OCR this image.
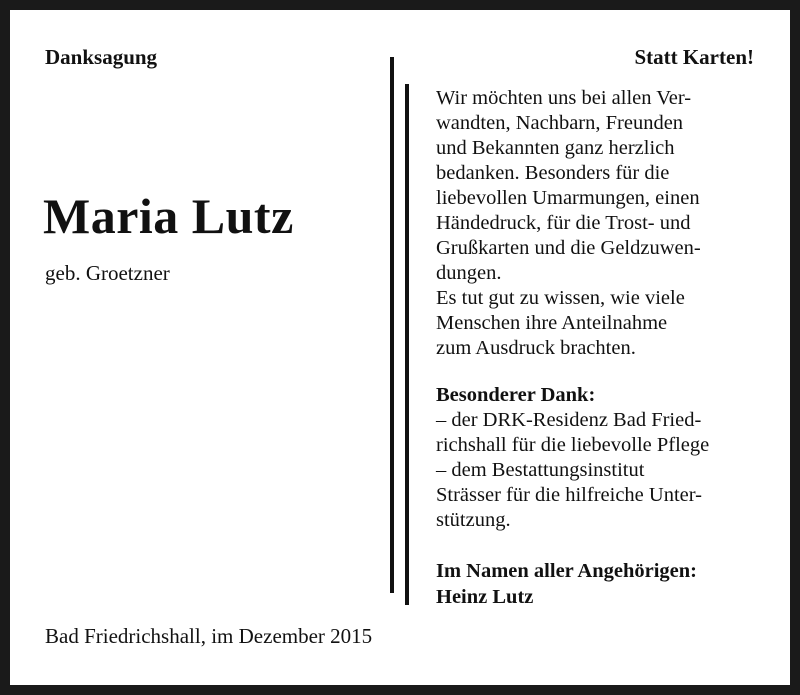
Danksagung	Statt Karten!
Maria Lutz
geb. Groetzner
Wir möchten uns bei allen Ver-
wandten, Nachbarn, Freunden
und Bekannten ganz herzlich
bedanken. Besonders für die
liebevollen Umarmungen, einen
Händedruck, für die Trost- und
Grußkarten und die Geldzuwen-
dungen.
Es tut gut zu wissen, wie viele
Menschen ihre Anteilnahme
zum Ausdruck brachten.
Besonderer Dank:
– der DRK-Residenz Bad Fried-
richshall für die liebevolle Pflege
– dem Bestattungsinstitut
Strässer für die hilfreiche Unter-
stützung.
Im Namen aller Angehörigen:
Heinz Lutz
Bad Friedrichshall, im Dezember 2015
